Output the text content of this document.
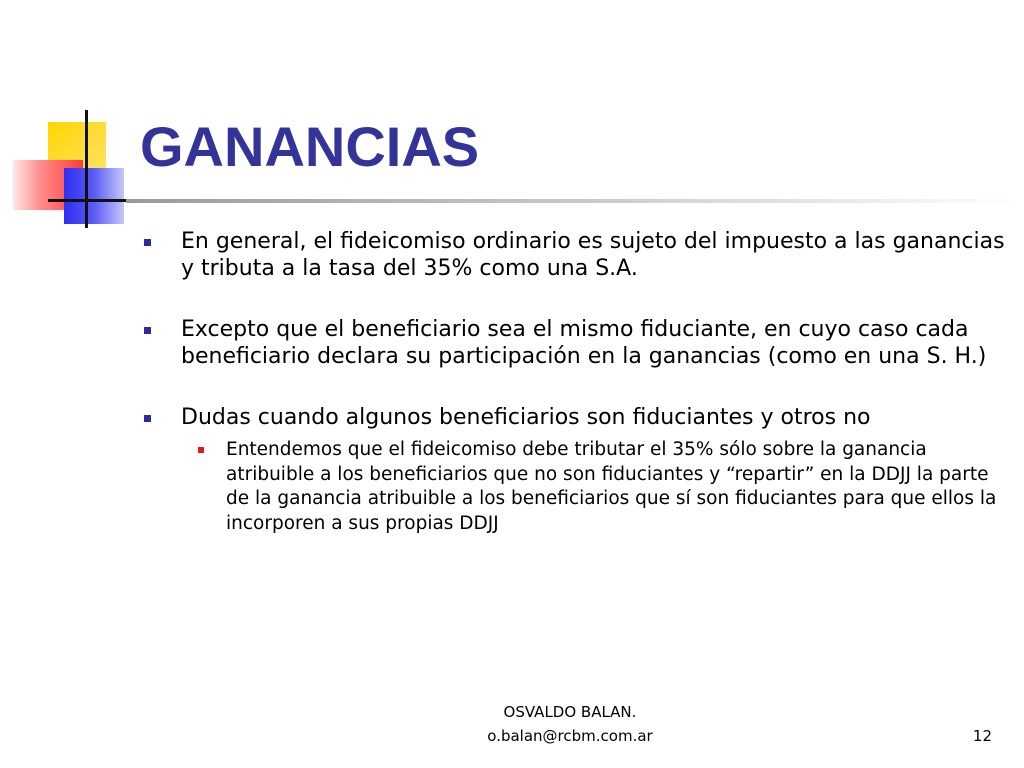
GANANCIAS
En general, el fideicomiso ordinario es sujeto del impuesto a las ganancias y tributa a la tasa del 35% como una S.A.
Excepto que el beneficiario sea el mismo fiduciante, en cuyo caso cada beneficiario declara su participación en la ganancias (como en una S. H.)
Dudas cuando algunos beneficiarios son fiduciantes y otros no
Entendemos que el fideicomiso debe tributar el 35% sólo sobre la ganancia atribuible a los beneficiarios que no son fiduciantes y “repartir” en la DDJJ la parte de la ganancia atribuible a los beneficiarios que sí son fiduciantes para que ellos la incorporen a sus propias DDJJ
OSVALDO BALAN.
o.balan@rcbm.com.ar	12
